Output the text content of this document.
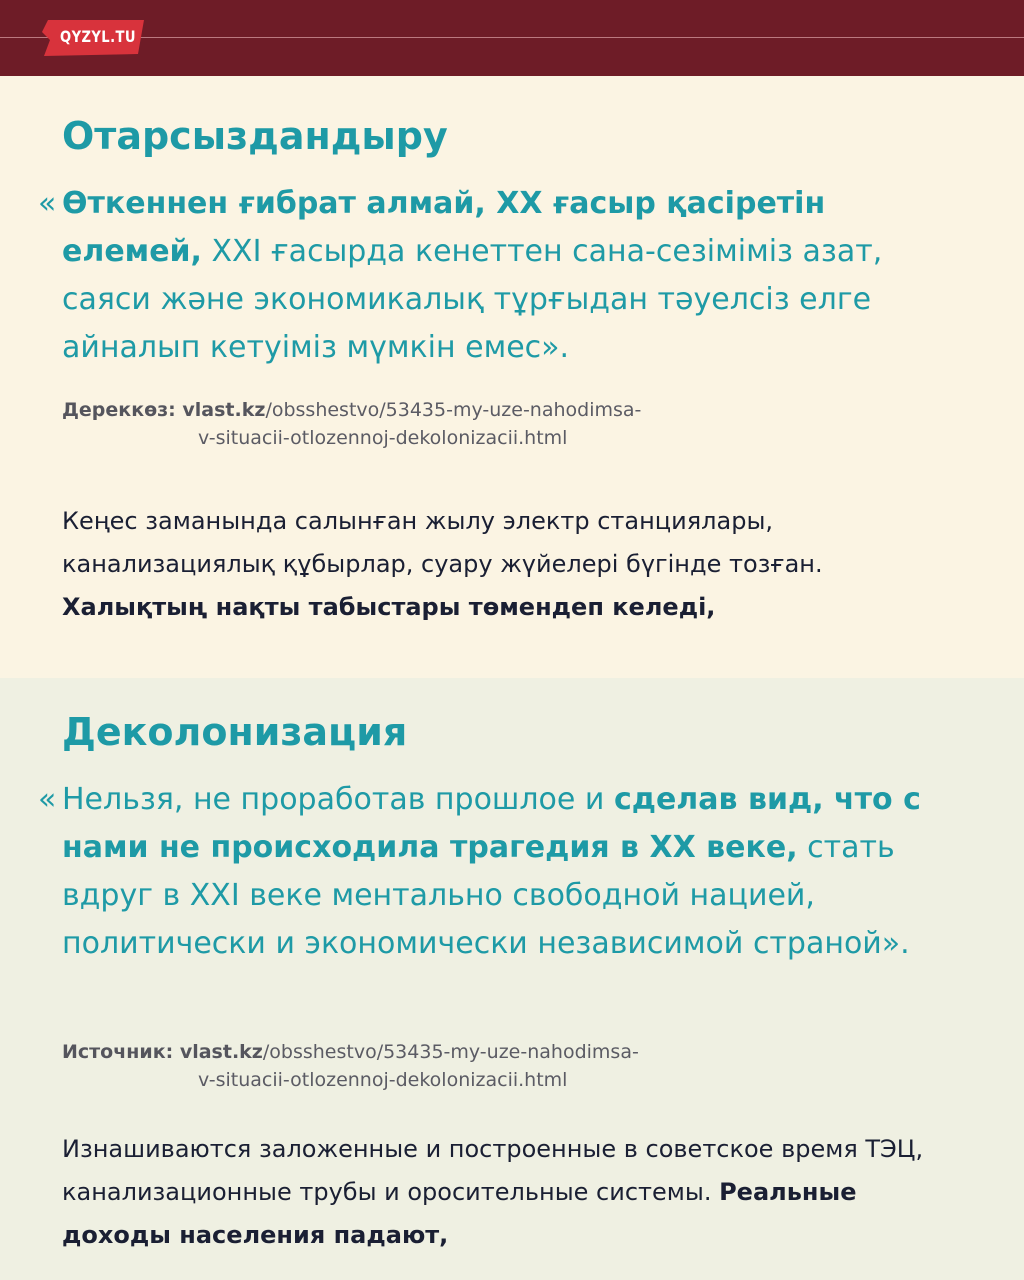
QYZYL.TU
Отарсыздандыру
« Өткеннен ғибрат алмай, XX ғасыр қасіретін елемей, XXI ғасырда кенеттен сана-сезіміміз азат, саяси және экономикалық тұрғыдан тәуелсіз елге айналып кетуіміз мүмкін емес».
Дереккөз: vlast.kz/obsshestvo/53435-my-uze-nahodimsa-
v-situacii-otlozennoj-dekolonizacii.html
Кеңес заманында салынған жылу электр станциялары, канализациялық құбырлар, суару жүйелері бүгінде тозған. Халықтың нақты табыстары төмендеп келеді,
Деколонизация
« Нельзя, не проработав прошлое и сделав вид, что с нами не происходила трагедия в XX веке, стать вдруг в XXI веке ментально свободной нацией, политически и экономически независимой страной».
Источник: vlast.kz/obsshestvo/53435-my-uze-nahodimsa-
v-situacii-otlozennoj-dekolonizacii.html
Изнашиваются заложенные и построенные в советское время ТЭЦ, канализационные трубы и оросительные системы. Реальные доходы населения падают,
